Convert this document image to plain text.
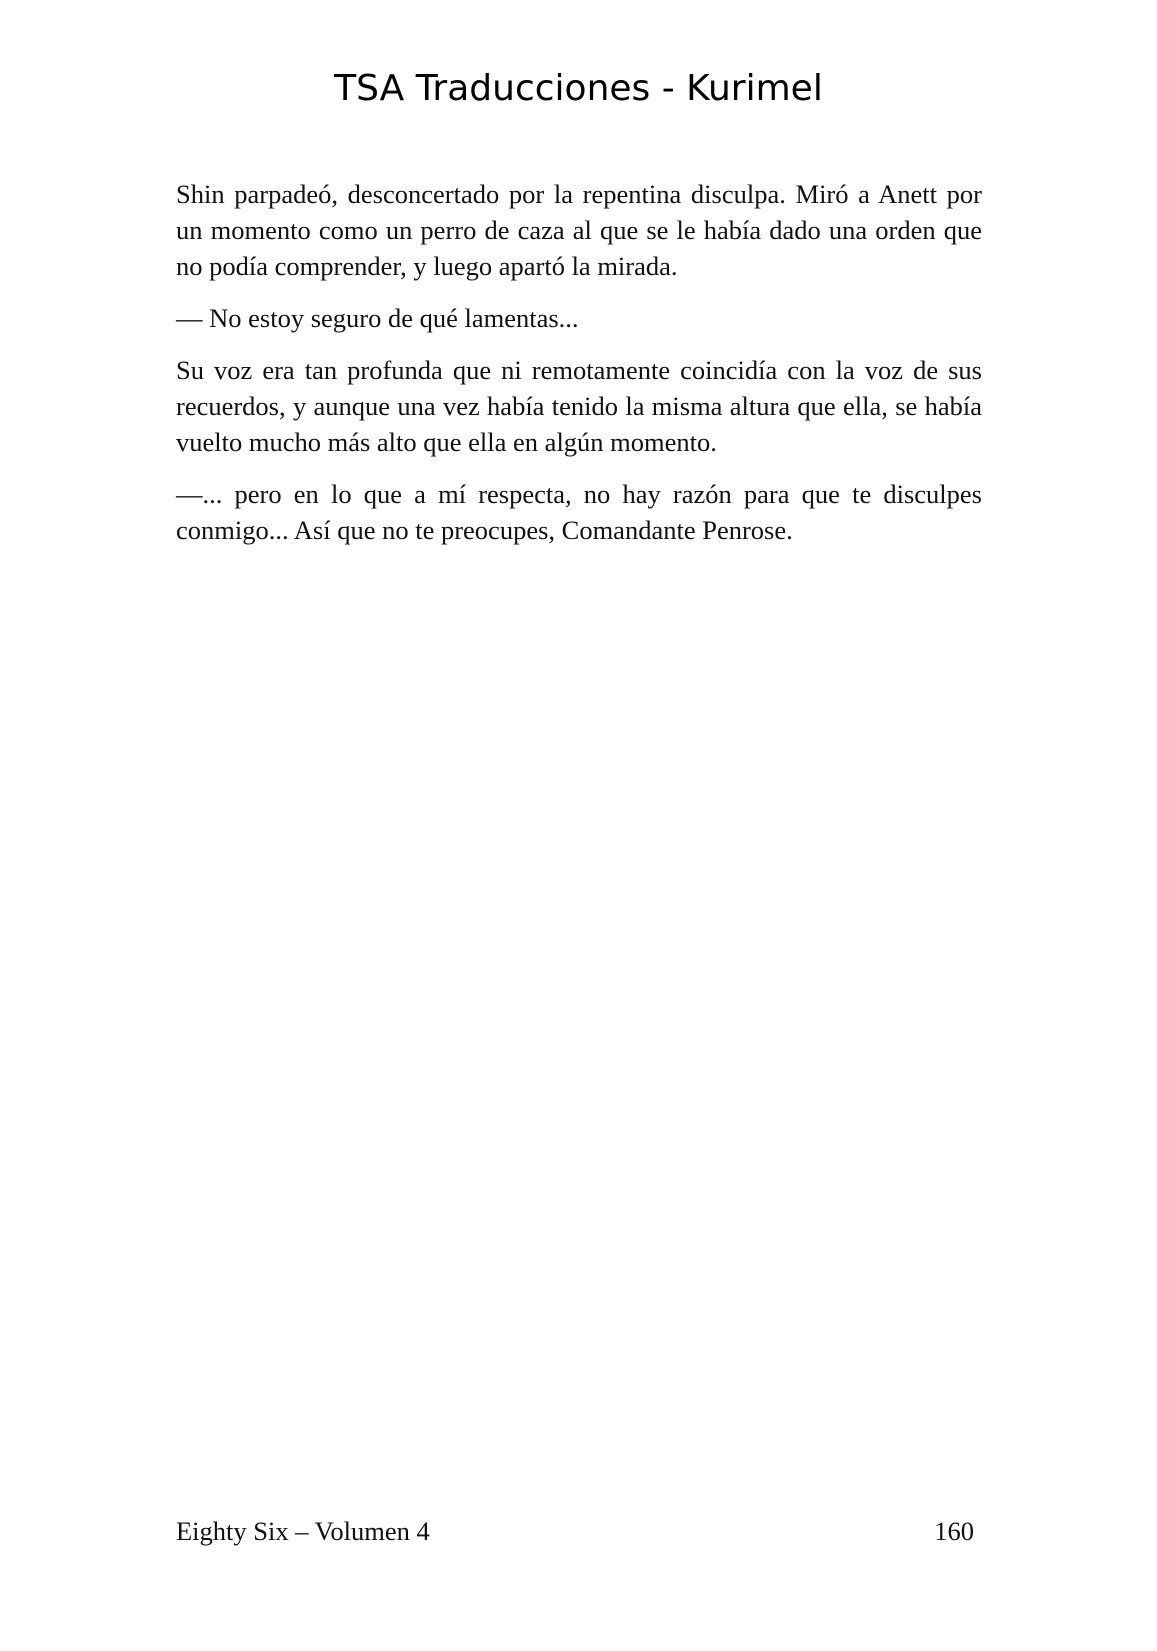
TSA Traducciones - Kurimel

Shin parpadeó, desconcertado por la repentina disculpa. Miró a Anett por un momento como un perro de caza al que se le había dado una orden que no podía comprender, y luego apartó la mirada.

— No estoy seguro de qué lamentas...

Su voz era tan profunda que ni remotamente coincidía con la voz de sus recuerdos, y aunque una vez había tenido la misma altura que ella, se había vuelto mucho más alto que ella en algún momento.

—... pero en lo que a mí respecta, no hay razón para que te disculpes conmigo... Así que no te preocupes, Comandante Penrose.

Eighty Six – Volumen 4	160
